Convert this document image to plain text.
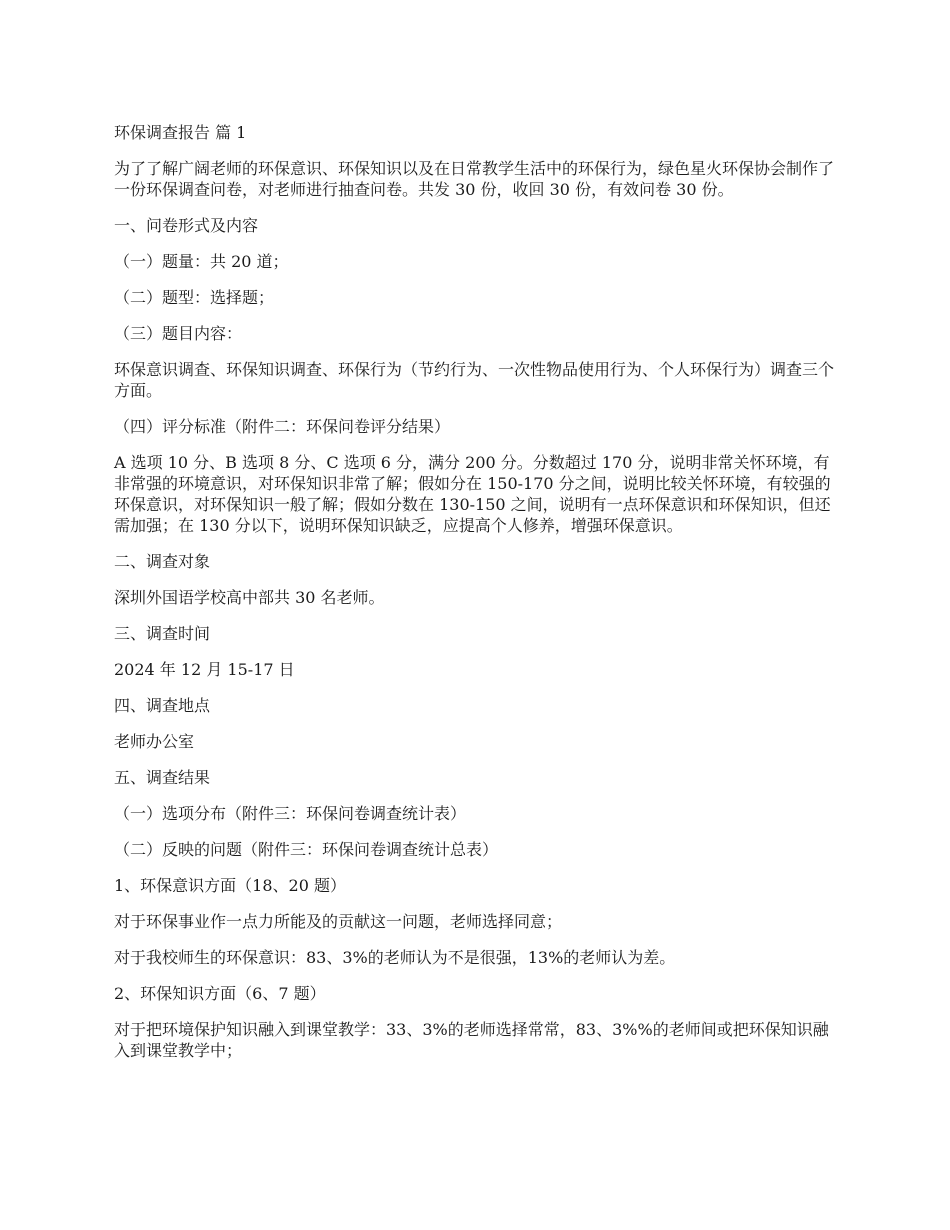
环保调查报告 篇 1

为了了解广阔老师的环保意识、环保知识以及在日常教学生活中的环保行为，绿色星火环保协会制作了一份环保调查问卷，对老师进行抽查问卷。共发 30 份，收回 30 份，有效问卷 30 份。

一、问卷形式及内容

（一）题量：共 20 道；

（二）题型：选择题；

（三）题目内容：

环保意识调查、环保知识调查、环保行为（节约行为、一次性物品使用行为、个人环保行为）调查三个方面。

（四）评分标准（附件二：环保问卷评分结果）

A 选项 10 分、B 选项 8 分、C 选项 6 分，满分 200 分。分数超过 170 分，说明非常关怀环境，有非常强的环境意识，对环保知识非常了解；假如分在 150-170 分之间，说明比较关怀环境，有较强的环保意识，对环保知识一般了解；假如分数在 130-150 之间，说明有一点环保意识和环保知识，但还需加强；在 130 分以下，说明环保知识缺乏，应提高个人修养，增强环保意识。

二、调查对象

深圳外国语学校高中部共 30 名老师。

三、调查时间

2024 年 12 月 15-17 日

四、调查地点

老师办公室

五、调查结果

（一）选项分布（附件三：环保问卷调查统计表）

（二）反映的问题（附件三：环保问卷调查统计总表）

1、环保意识方面（18、20 题）

对于环保事业作一点力所能及的贡献这一问题，老师选择同意；

对于我校师生的环保意识：83、3%的老师认为不是很强，13%的老师认为差。

2、环保知识方面（6、7 题）

对于把环境保护知识融入到课堂教学：33、3%的老师选择常常，83、3%%的老师间或把环保知识融入到课堂教学中；
